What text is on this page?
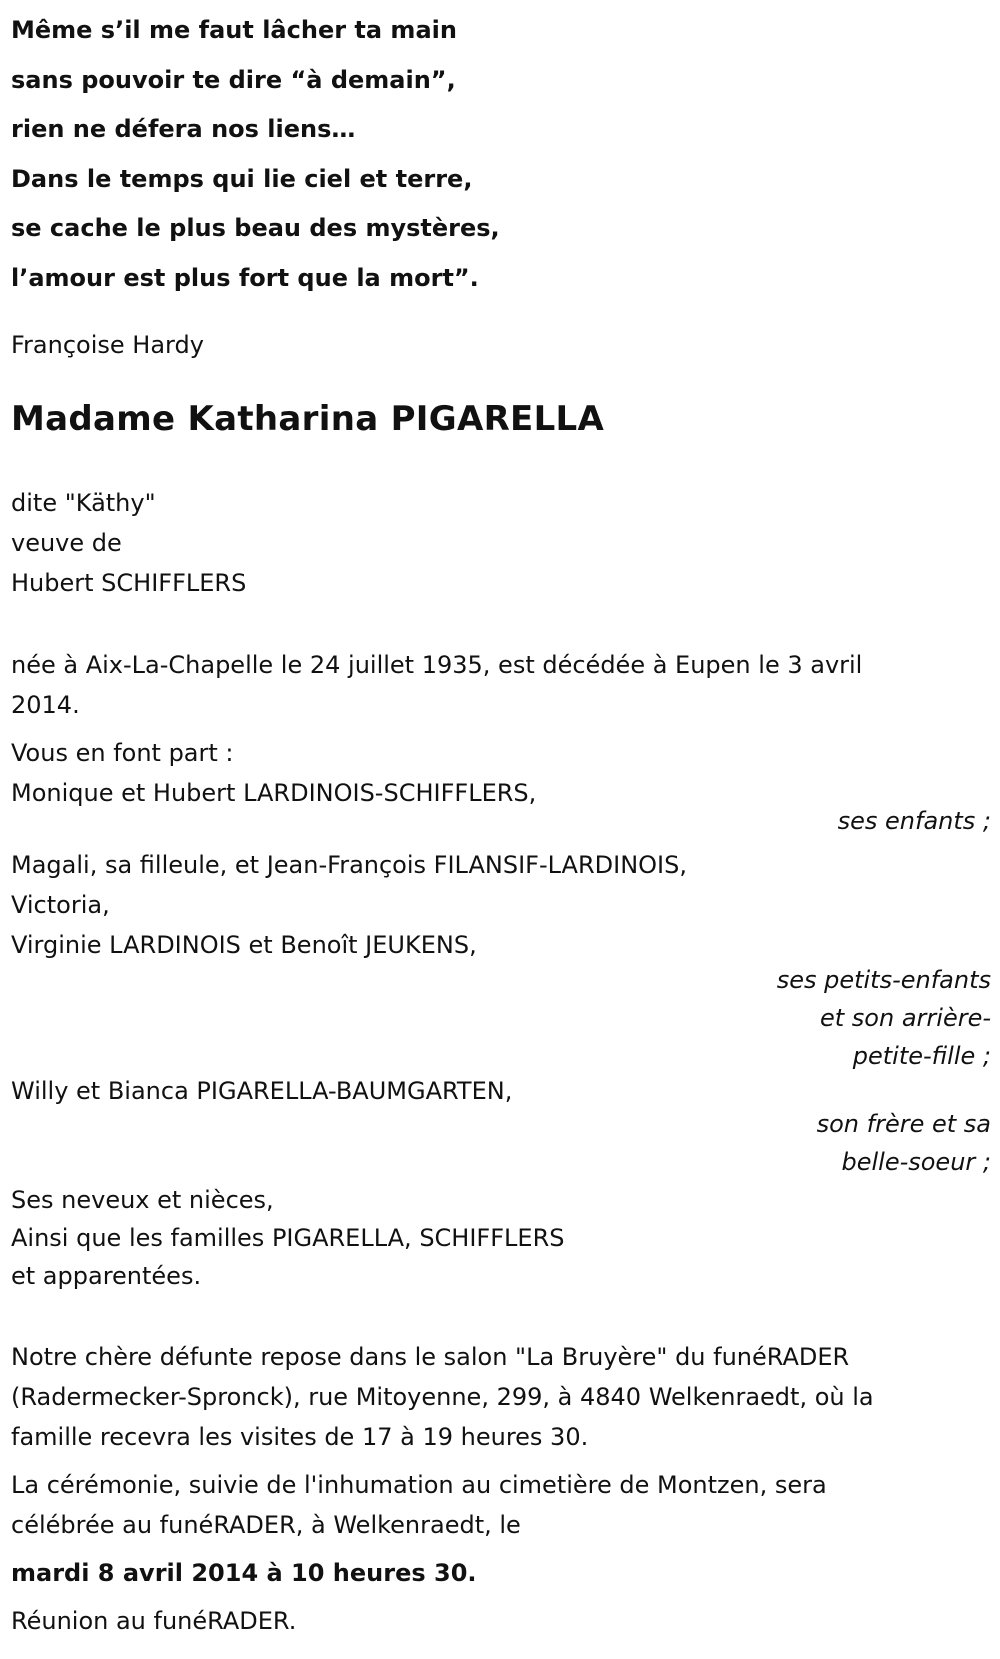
Même s’il me faut lâcher ta main
sans pouvoir te dire “à demain”,
rien ne défera nos liens…
Dans le temps qui lie ciel et terre,
se cache le plus beau des mystères,
l’amour est plus fort que la mort”.
Françoise Hardy
Madame Katharina PIGARELLA
dite "Käthy"
veuve de
Hubert SCHIFFLERS
née à Aix-La-Chapelle le 24 juillet 1935, est décédée à Eupen le 3 avril
2014.
Vous en font part :
Monique et Hubert LARDINOIS-SCHIFFLERS,
ses enfants ;
Magali, sa filleule, et Jean-François FILANSIF-LARDINOIS,
Victoria,
Virginie LARDINOIS et Benoît JEUKENS,
ses petits-enfants
et son arrière-
petite-fille ;
Willy et Bianca PIGARELLA-BAUMGARTEN,
son frère et sa
belle-soeur ;
Ses neveux et nièces,
Ainsi que les familles PIGARELLA, SCHIFFLERS
et apparentées.
Notre chère défunte repose dans le salon "La Bruyère" du funéRADER
(Radermecker-Spronck), rue Mitoyenne, 299, à 4840 Welkenraedt, où la
famille recevra les visites de 17 à 19 heures 30.
La cérémonie, suivie de l'inhumation au cimetière de Montzen, sera
célébrée au funéRADER, à Welkenraedt, le
mardi 8 avril 2014 à 10 heures 30.
Réunion au funéRADER.
